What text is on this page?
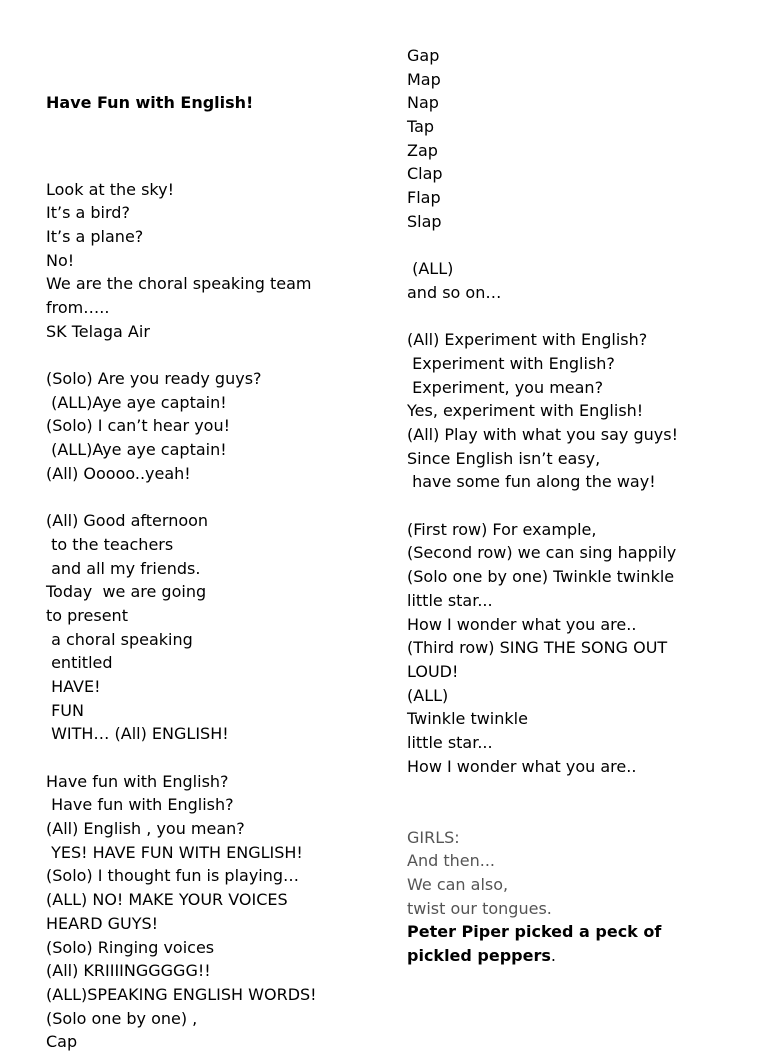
Have Fun with English!

Look at the sky!
It’s a bird?
It’s a plane?
No!
We are the choral speaking team
from…..
SK Telaga Air
(Solo) Are you ready guys?
(ALL)Aye aye captain!
(Solo) I can’t hear you!
(ALL)Aye aye captain!
(All) Ooooo..yeah!
(All) Good afternoon
to the teachers
and all my friends.
Today  we are going
to present
a choral speaking
entitled
HAVE!
FUN
WITH… (All) ENGLISH!
Have fun with English?
Have fun with English?
(All) English , you mean?
YES! HAVE FUN WITH ENGLISH!
(Solo) I thought fun is playing…
(ALL) NO! MAKE YOUR VOICES
HEARD GUYS!
(Solo) Ringing voices
(All) KRIIIINGGGGG!!
(ALL)SPEAKING ENGLISH WORDS!
(Solo one by one) ,
Cap
Gap
Map
Nap
Tap
Zap
Clap
Flap
Slap
(ALL)
and so on…
(All) Experiment with English?
Experiment with English?
Experiment, you mean?
Yes, experiment with English!
(All) Play with what you say guys!
Since English isn’t easy,
have some fun along the way!
(First row) For example,
(Second row) we can sing happily
(Solo one by one) Twinkle twinkle
little star...
How I wonder what you are..
(Third row) SING THE SONG OUT
LOUD!
(ALL)
Twinkle twinkle
little star...
How I wonder what you are..
GIRLS:
And then...
We can also,
twist our tongues.
Peter Piper picked a peck of
pickled peppers.
